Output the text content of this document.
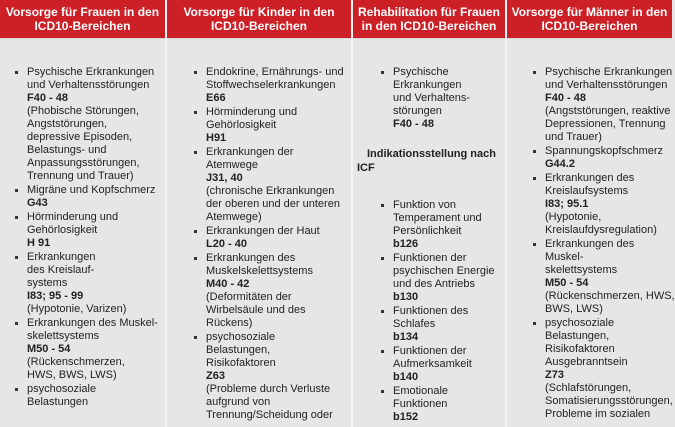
Vorsorge für Frauen in den ICD10-Bereichen
Psychische Erkrankungen und Verhaltensstörungen
F40 - 48
(Phobische Störungen, Angststörungen, depressive Episoden, Belastungs- und Anpassungsstörungen, Trennung und Trauer)
Migräne und Kopfschmerz
G43
Hörminderung und Gehörlosigkeit
H 91
Erkrankungen des Kreislauf-systems
I83; 95 - 99
(Hypotonie, Varizen)
Erkrankungen des Muskel-skelettsystems
M50 - 54
(Rückenschmerzen, HWS, BWS, LWS)
psychosoziale Belastungen
Vorsorge für Kinder in den ICD10-Bereichen
Endokrine, Ernährungs- und Stoffwechselerkrankungen
E66
Hörminderung und Gehörlosigkeit
H91
Erkrankungen der Atemwege
J31, 40
(chronische Erkrankungen der oberen und der unteren Atemwege)
Erkrankungen der Haut
L20 - 40
Erkrankungen des Muskelskelettsystems
M40 - 42
(Deformitäten der Wirbelsäule und des Rückens)
psychosoziale Belastungen, Risikofaktoren
Z63
(Probleme durch Verluste aufgrund von Trennung/Scheidung oder
Rehabilitation für Frauen in den ICD10-Bereichen
Psychische Erkrankungen und Verhaltens-störungen
F40 - 48
Indikationsstellung nach ICF
Funktion von Temperament und Persönlichkeit
b126
Funktionen der psychischen Energie und des Antriebs
b130
Funktionen des Schlafes
b134
Funktionen der Aufmerksamkeit
b140
Emotionale Funktionen
b152
Vorsorge für Männer in den ICD10-Bereichen
Psychische Erkrankungen und Verhaltensstörungen
F40 - 48
(Angststörungen, reaktive Depressionen, Trennung und Trauer)
Spannungskopfschmerz
G44.2
Erkrankungen des Kreislaufsystems
I83; 95.1
(Hypotonie, Kreislaufdysregulation)
Erkrankungen des Muskel-skelettsystems
M50 - 54
(Rückenschmerzen, HWS, BWS, LWS)
psychosoziale Belastungen, Risikofaktoren Ausgebranntsein
Z73
(Schlafstörungen, Somatisierungsstörungen, Probleme im sozialen
